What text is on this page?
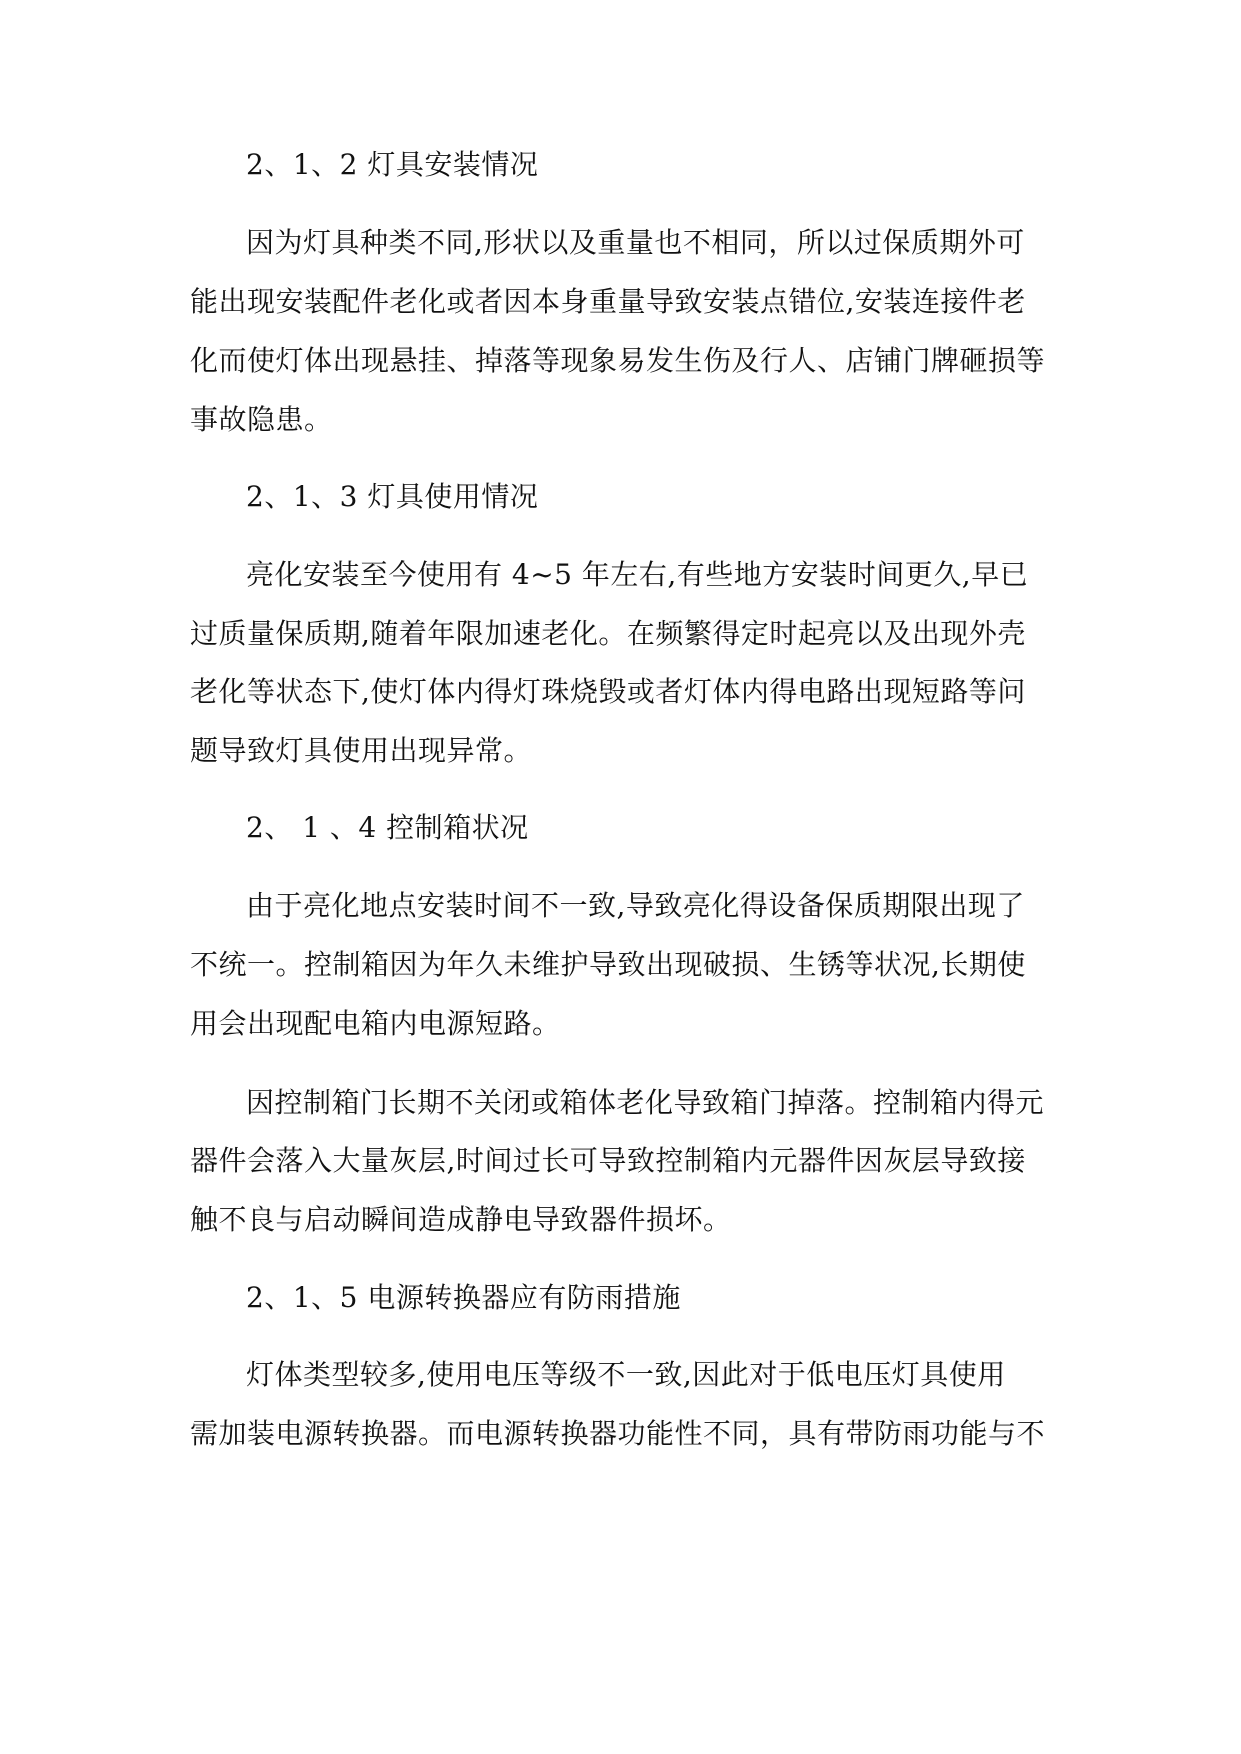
2、1、2 灯具安装情况
因为灯具种类不同,形状以及重量也不相同，所以过保质期外可
能出现安装配件老化或者因本身重量导致安装点错位,安装连接件老
化而使灯体出现悬挂、掉落等现象易发生伤及行人、店铺门牌砸损等
事故隐患。
2、1、3 灯具使用情况
亮化安装至今使用有 4~5 年左右,有些地方安装时间更久,早已
过质量保质期,随着年限加速老化。在频繁得定时起亮以及出现外壳
老化等状态下,使灯体内得灯珠烧毁或者灯体内得电路出现短路等问
题导致灯具使用出现异常。
2、 1 、4 控制箱状况
由于亮化地点安装时间不一致,导致亮化得设备保质期限出现了
不统一。控制箱因为年久未维护导致出现破损、生锈等状况,长期使
用会出现配电箱内电源短路。
因控制箱门长期不关闭或箱体老化导致箱门掉落。控制箱内得元
器件会落入大量灰层,时间过长可导致控制箱内元器件因灰层导致接
触不良与启动瞬间造成静电导致器件损坏。
2、1、5 电源转换器应有防雨措施
灯体类型较多,使用电压等级不一致,因此对于低电压灯具使用
需加装电源转换器。而电源转换器功能性不同，具有带防雨功能与不
